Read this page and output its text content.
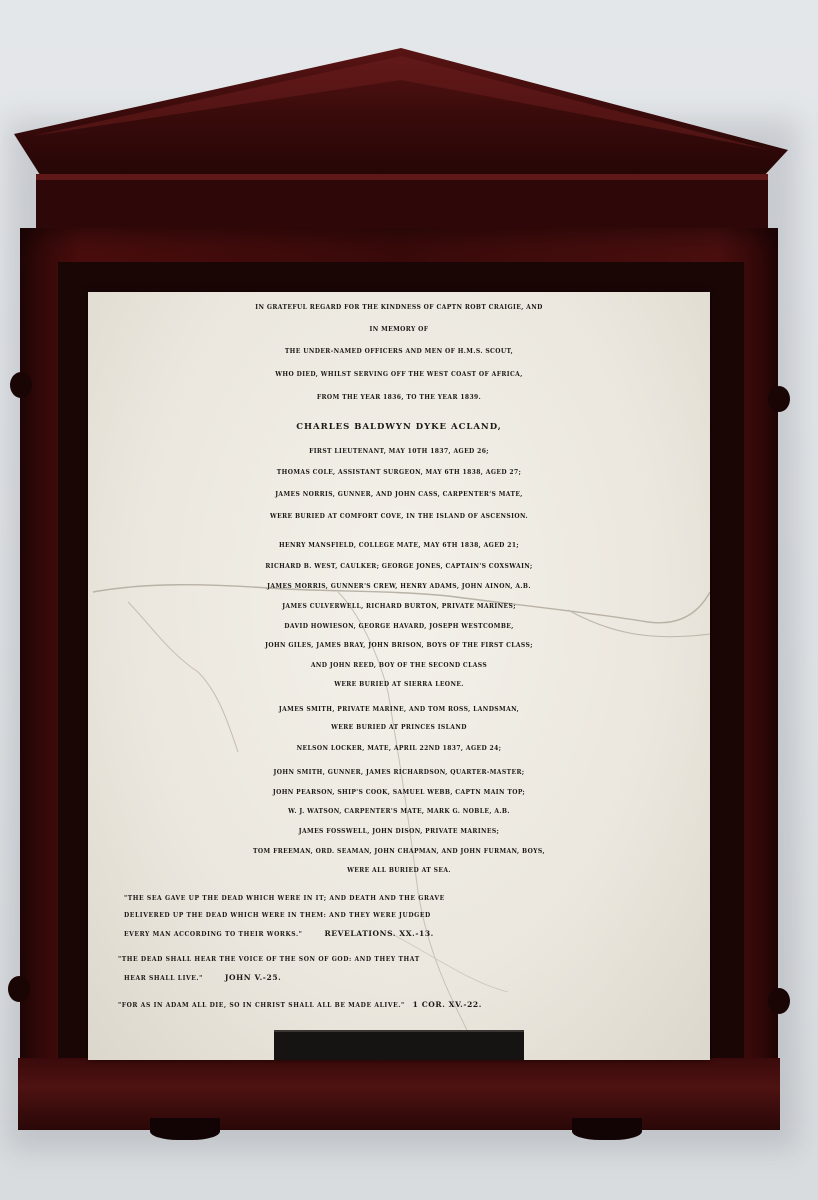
IN GRATEFUL REGARD FOR THE KINDNESS OF CAPTN ROBT CRAIGIE, AND
IN MEMORY OF
THE UNDER-NAMED OFFICERS AND MEN OF H.M.S. SCOUT,
WHO DIED, WHILST SERVING OFF THE WEST COAST OF AFRICA,
FROM THE YEAR 1836, TO THE YEAR 1839.
CHARLES BALDWYN DYKE ACLAND,
FIRST LIEUTENANT, MAY 10TH 1837, AGED 26;
THOMAS COLE, ASSISTANT SURGEON, MAY 6TH 1838, AGED 27;
JAMES NORRIS, GUNNER, AND JOHN CASS, CARPENTER'S MATE,
WERE BURIED AT COMFORT COVE, IN THE ISLAND OF ASCENSION.
HENRY MANSFIELD, COLLEGE MATE, MAY 6TH 1838, AGED 21;
RICHARD B. WEST, CAULKER; GEORGE JONES, CAPTAIN'S COXSWAIN;
JAMES MORRIS, GUNNER'S CREW, HENRY ADAMS, JOHN AINON, A.B.
JAMES CULVERWELL, RICHARD BURTON, PRIVATE MARINES;
DAVID HOWIESON, GEORGE HAVARD, JOSEPH WESTCOMBE,
JOHN GILES, JAMES BRAY, JOHN BRISON, BOYS OF THE FIRST CLASS;
AND JOHN REED, BOY OF THE SECOND CLASS
WERE BURIED AT SIERRA LEONE.
JAMES SMITH, PRIVATE MARINE, AND TOM ROSS, LANDSMAN,
WERE BURIED AT PRINCES ISLAND
NELSON LOCKER, MATE, APRIL 22ND 1837, AGED 24;
JOHN SMITH, GUNNER, JAMES RICHARDSON, QUARTER-MASTER;
JOHN PEARSON, SHIP'S COOK, SAMUEL WEBB, CAPTN MAIN TOP;
W. J. WATSON, CARPENTER'S MATE, MARK G. NOBLE, A.B.
JAMES FOSSWELL, JOHN DISON, PRIVATE MARINES;
TOM FREEMAN, ORD. SEAMAN, JOHN CHAPMAN, AND JOHN FURMAN, BOYS,
WERE ALL BURIED AT SEA.
"THE SEA GAVE UP THE DEAD WHICH WERE IN IT; AND DEATH AND THE GRAVE
DELIVERED UP THE DEAD WHICH WERE IN THEM: AND THEY WERE JUDGED
EVERY MAN ACCORDING TO THEIR WORKS."	REVELATIONS. XX.-13.
"THE DEAD SHALL HEAR THE VOICE OF THE SON OF GOD: AND THEY THAT
HEAR SHALL LIVE."	JOHN V.-25.
"FOR AS IN ADAM ALL DIE, SO IN CHRIST SHALL ALL BE MADE ALIVE." 1 COR. XV.-22.
